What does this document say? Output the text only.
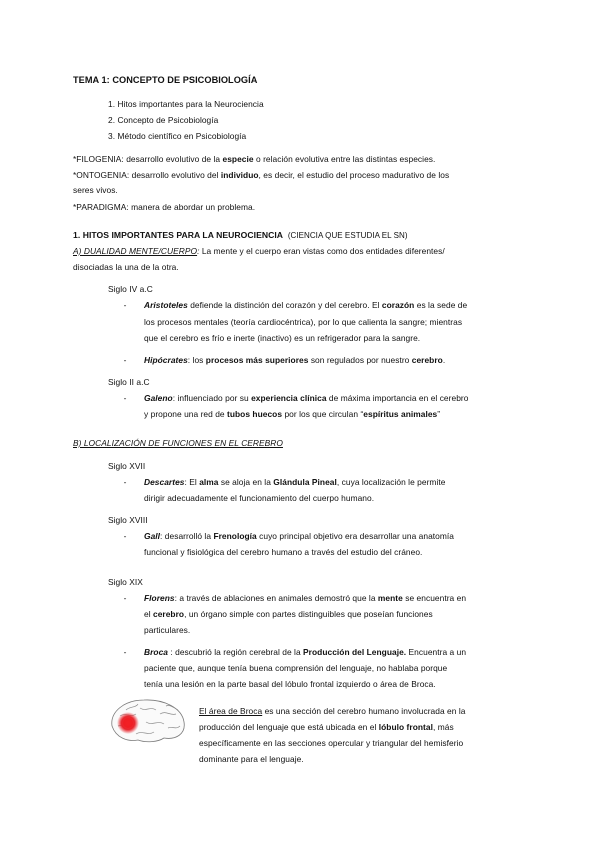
TEMA 1: CONCEPTO DE PSICOBIOLOGÍA
1. Hitos importantes para la Neurociencia
2. Concepto de Psicobiología
3. Método científico en Psicobiología
*FILOGENIA: desarrollo evolutivo de la especie o relación evolutiva entre las distintas especies.
*ONTOGENIA: desarrollo evolutivo del individuo, es decir, el estudio del proceso madurativo de los
seres vivos.
*PARADIGMA: manera de abordar un problema.
1. HITOS IMPORTANTES PARA LA NEUROCIENCIA (CIENCIA QUE ESTUDIA EL SN)
A) DUALIDAD MENTE/CUERPO: La mente y el cuerpo eran vistas como dos entidades diferentes/
disociadas la una de la otra.
Siglo IV a.C
- Aristoteles defiende la distinción del corazón y del cerebro. El corazón es la sede de
los procesos mentales (teoría cardiocéntrica), por lo que calienta la sangre; mientras
que el cerebro es frío e inerte (inactivo) es un refrigerador para la sangre.
- Hipócrates: los procesos más superiores son regulados por nuestro cerebro.
Siglo II a.C
- Galeno: influenciado por su experiencia clínica de máxima importancia en el cerebro
y propone una red de tubos huecos por los que circulan “espíritus animales”
B) LOCALIZACIÓN DE FUNCIONES EN EL CEREBRO
Siglo XVII
- Descartes: El alma se aloja en la Glándula Pineal, cuya localización le permite
dirigir adecuadamente el funcionamiento del cuerpo humano.
Siglo XVIII
- Gall: desarrolló la Frenología cuyo principal objetivo era desarrollar una anatomía
funcional y fisiológica del cerebro humano a través del estudio del cráneo.
Siglo XIX
- Florens: a través de ablaciones en animales demostró que la mente se encuentra en
el cerebro, un órgano simple con partes distinguibles que poseían funciones
particulares.
- Broca : descubrió la región cerebral de la Producción del Lenguaje. Encuentra a un
paciente que, aunque tenía buena comprensión del lenguaje, no hablaba porque
tenía una lesión en la parte basal del lóbulo frontal izquierdo o área de Broca.
El área de Broca es una sección del cerebro humano involucrada en la
producción del lenguaje que está ubicada en el lóbulo frontal, más
específicamente en las secciones opercular y triangular del hemisferio
dominante para el lenguaje.
